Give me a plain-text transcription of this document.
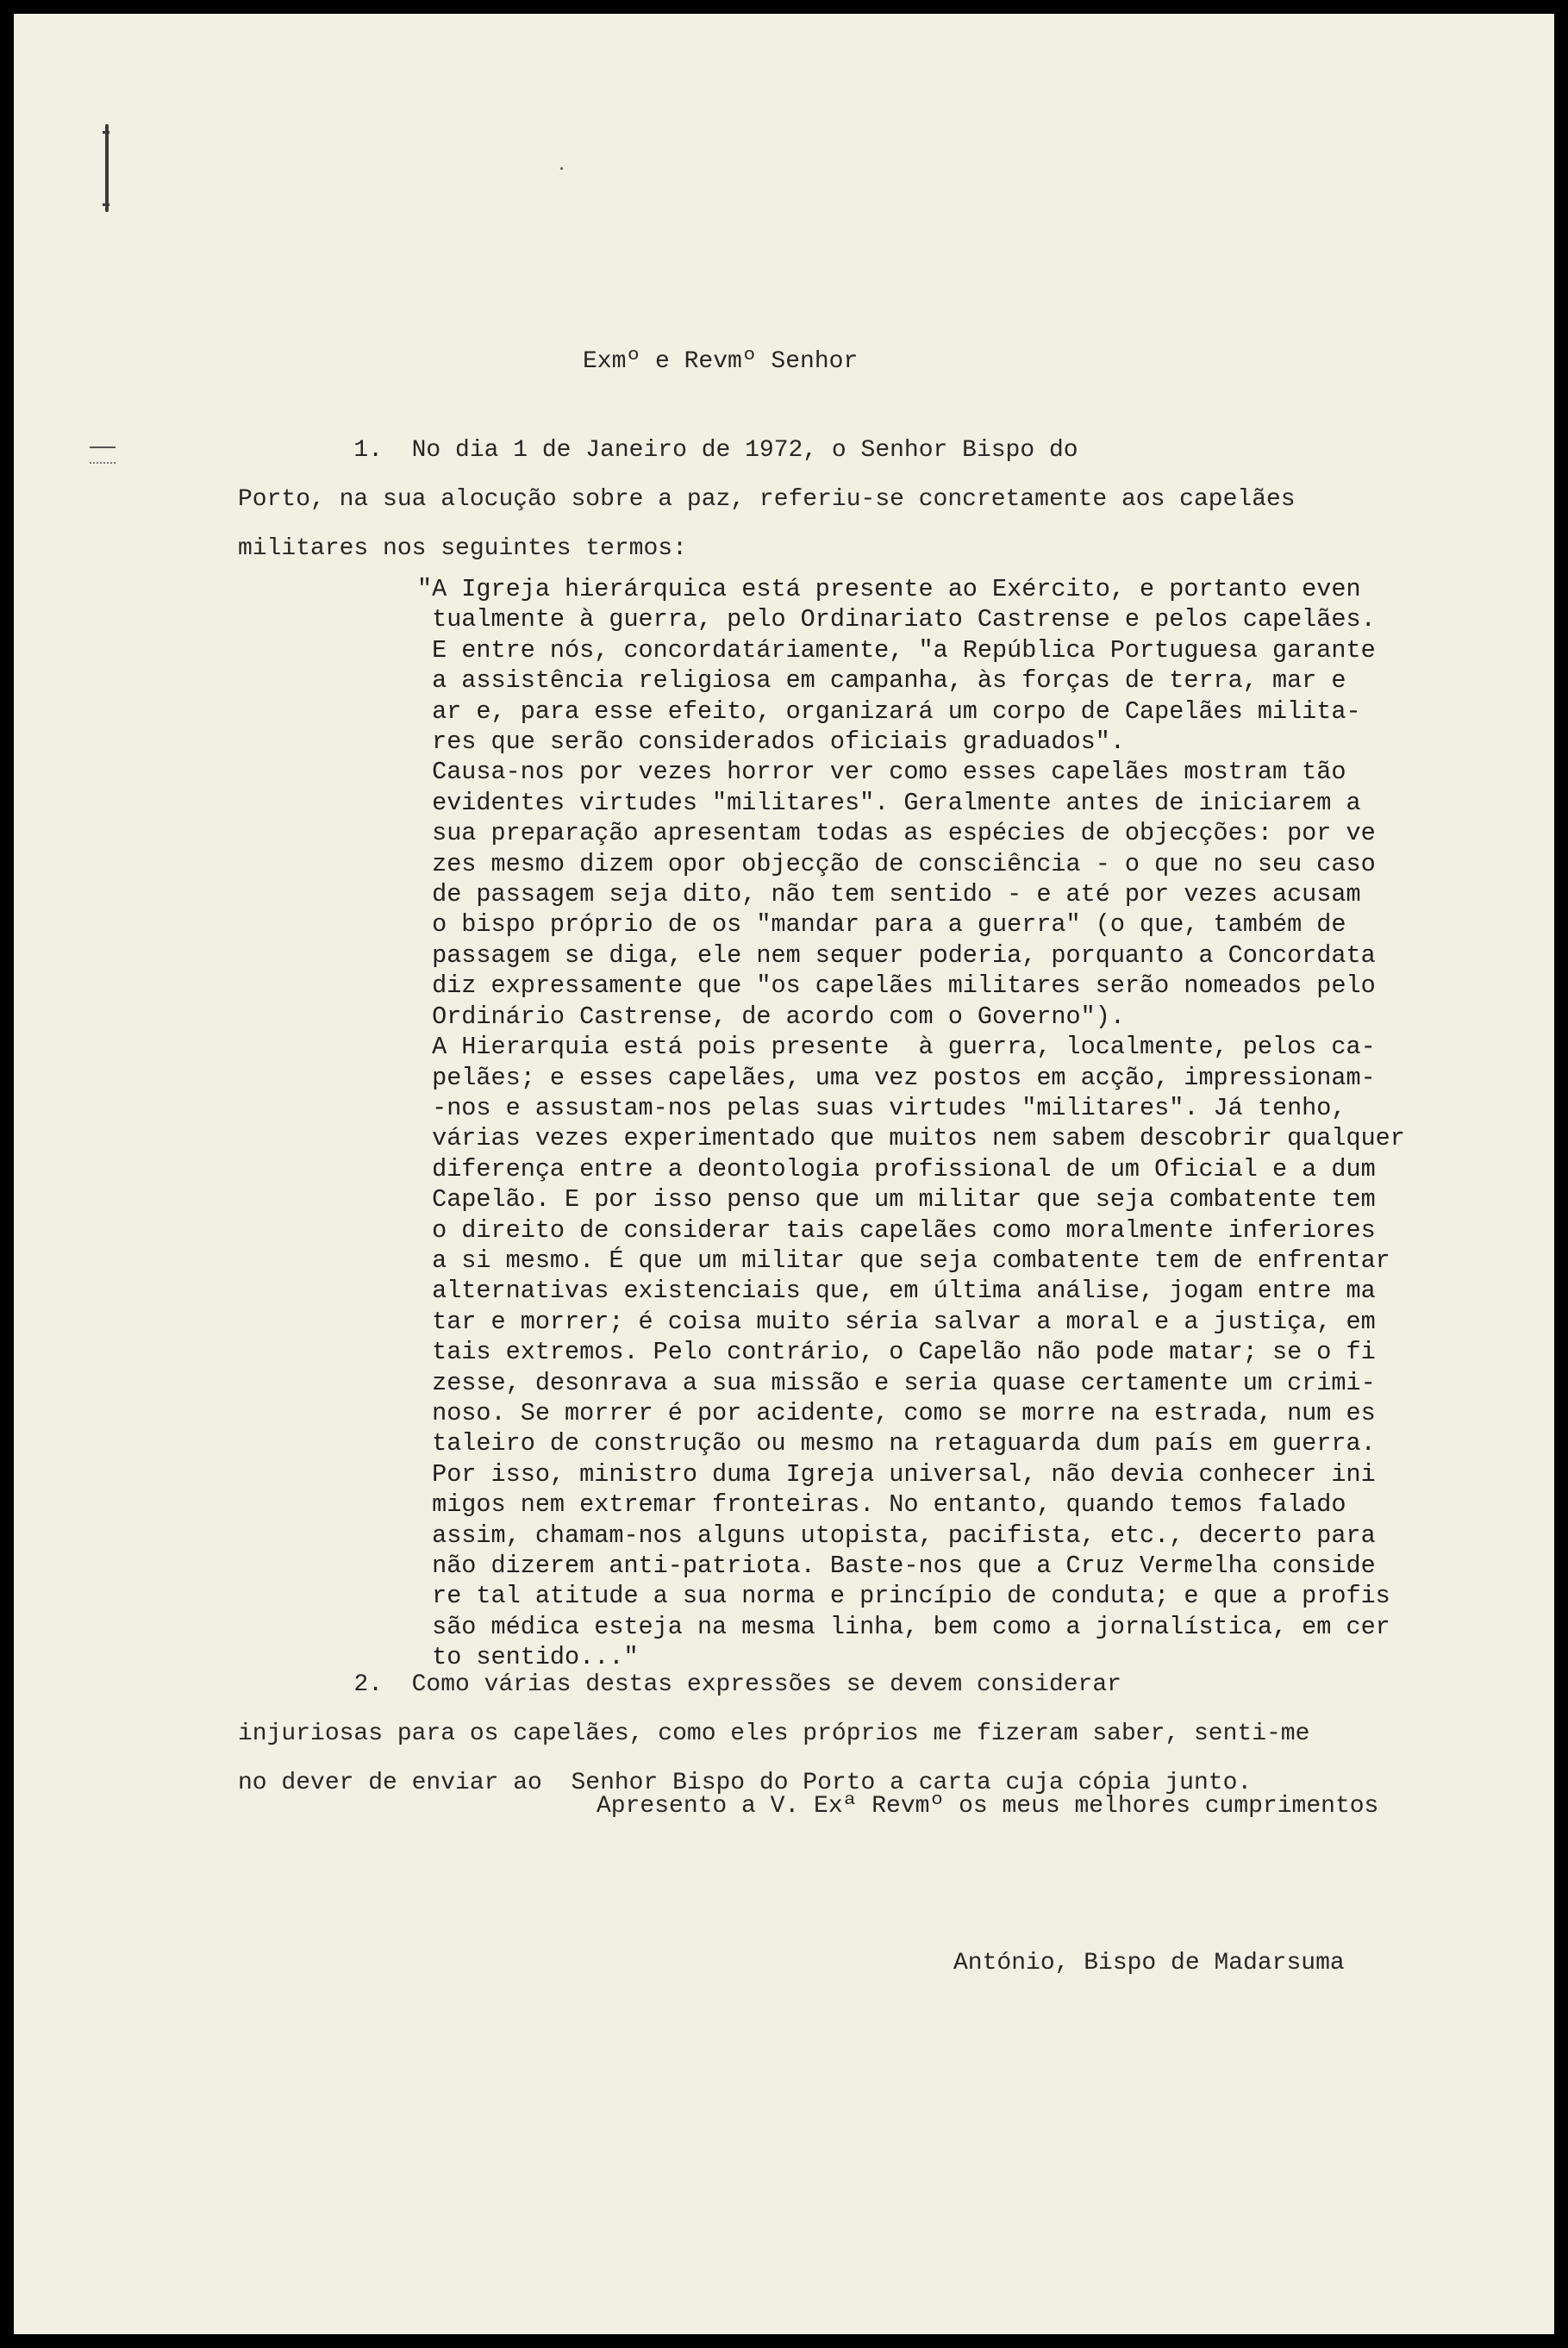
Exmº e Revmº Senhor
1.  No dia 1 de Janeiro de 1972, o Senhor Bispo do
Porto, na sua alocução sobre a paz, referiu-se concretamente aos capelães
militares nos seguintes termos:
"A Igreja hierárquica está presente ao Exército, e portanto even
tualmente à guerra, pelo Ordinariato Castrense e pelos capelães.
E entre nós, concordatáriamente, "a República Portuguesa garante
a assistência religiosa em campanha, às forças de terra, mar e
ar e, para esse efeito, organizará um corpo de Capelães milita-
res que serão considerados oficiais graduados".
Causa-nos por vezes horror ver como esses capelães mostram tão
evidentes virtudes "militares". Geralmente antes de iniciarem a
sua preparação apresentam todas as espécies de objecções: por ve
zes mesmo dizem opor objecção de consciência - o que no seu caso
de passagem seja dito, não tem sentido - e até por vezes acusam
o bispo próprio de os "mandar para a guerra" (o que, também de
passagem se diga, ele nem sequer poderia, porquanto a Concordata
diz expressamente que "os capelães militares serão nomeados pelo
Ordinário Castrense, de acordo com o Governo").
A Hierarquia está pois presente  à guerra, localmente, pelos ca-
pelães; e esses capelães, uma vez postos em acção, impressionam-
-nos e assustam-nos pelas suas virtudes "militares". Já tenho,
várias vezes experimentado que muitos nem sabem descobrir qualquer
diferença entre a deontologia profissional de um Oficial e a dum
Capelão. E por isso penso que um militar que seja combatente tem
o direito de considerar tais capelães como moralmente inferiores
a si mesmo. É que um militar que seja combatente tem de enfrentar
alternativas existenciais que, em última análise, jogam entre ma
tar e morrer; é coisa muito séria salvar a moral e a justiça, em
tais extremos. Pelo contrário, o Capelão não pode matar; se o fi
zesse, desonrava a sua missão e seria quase certamente um crimi-
noso. Se morrer é por acidente, como se morre na estrada, num es
taleiro de construção ou mesmo na retaguarda dum país em guerra.
Por isso, ministro duma Igreja universal, não devia conhecer ini
migos nem extremar fronteiras. No entanto, quando temos falado
assim, chamam-nos alguns utopista, pacifista, etc., decerto para
não dizerem anti-patriota. Baste-nos que a Cruz Vermelha conside
re tal atitude a sua norma e princípio de conduta; e que a profis
são médica esteja na mesma linha, bem como a jornalística, em cer
to sentido..."
2.  Como várias destas expressões se devem considerar
injuriosas para os capelães, como eles próprios me fizeram saber, senti-me
no dever de enviar ao  Senhor Bispo do Porto a carta cuja cópia junto.
Apresento a V. Exª Revmº os meus melhores cumprimentos
António, Bispo de Madarsuma
